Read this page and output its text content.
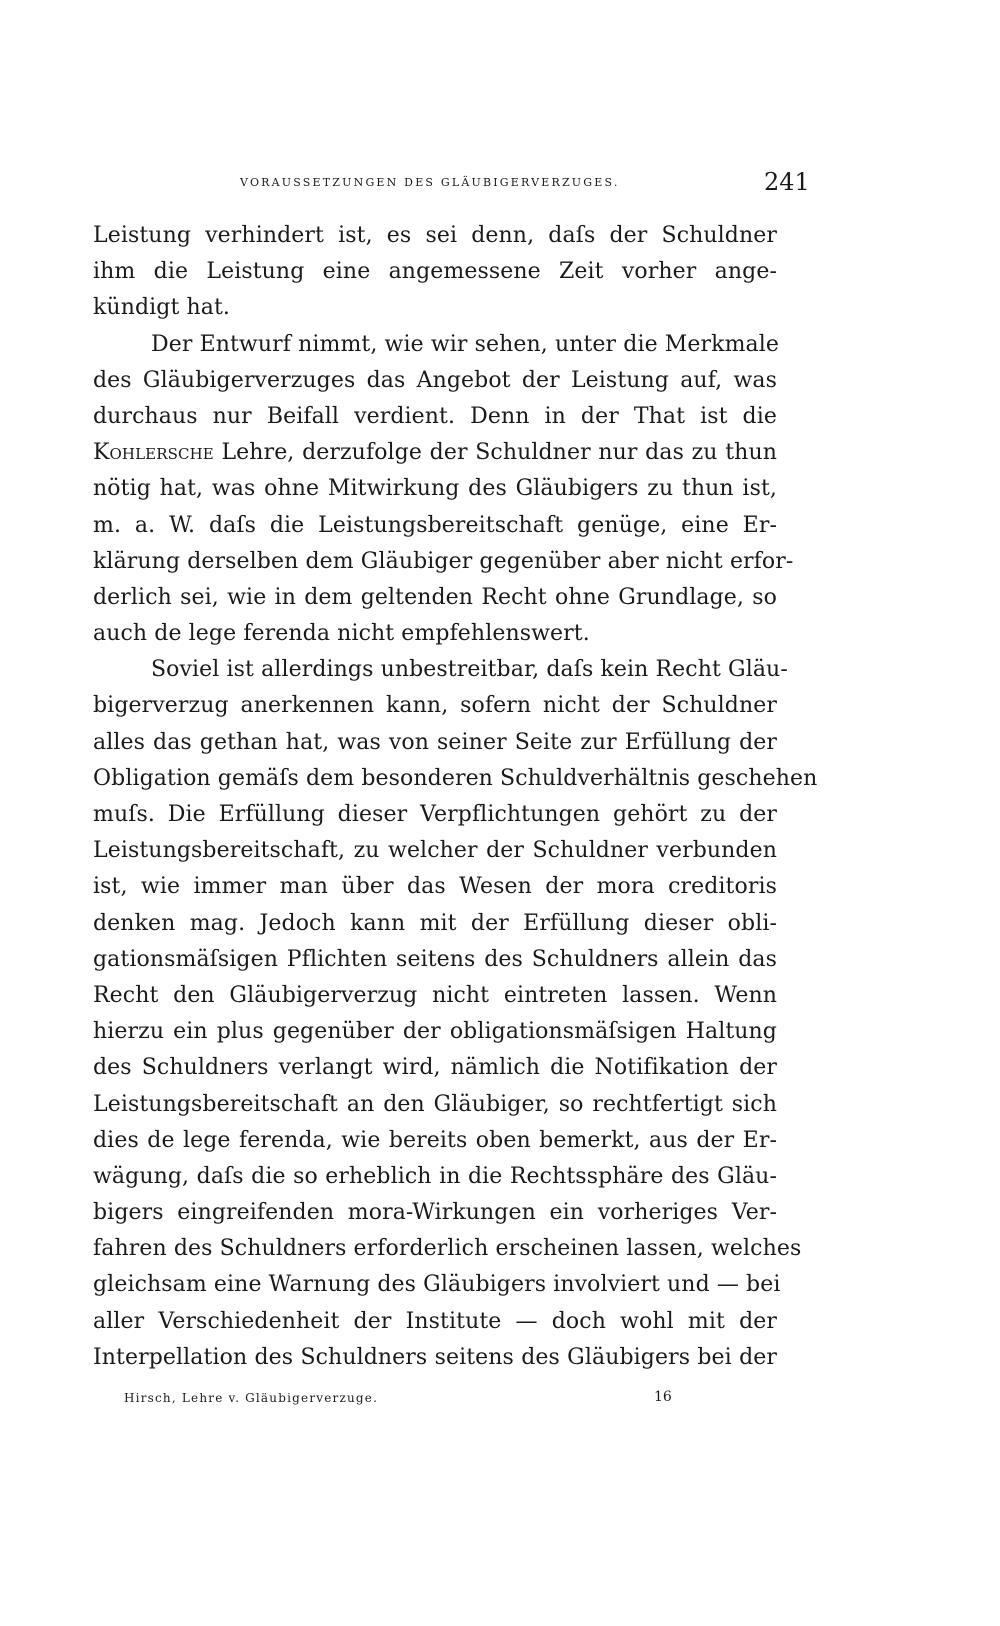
VORAUSSETZUNGEN DES GLÄUBIGERVERZUGES.	241
Leistung verhindert ist, es sei denn, daſs der Schuldner
ihm die Leistung eine angemessene Zeit vorher ange-
kündigt hat.
Der Entwurf nimmt, wie wir sehen, unter die Merkmale
des Gläubigerverzuges das Angebot der Leistung auf, was
durchaus nur Beifall verdient. Denn in der That ist die
Kohlersche Lehre, derzufolge der Schuldner nur das zu thun
nötig hat, was ohne Mitwirkung des Gläubigers zu thun ist,
m. a. W. daſs die Leistungsbereitschaft genüge, eine Er-
klärung derselben dem Gläubiger gegenüber aber nicht erfor-
derlich sei, wie in dem geltenden Recht ohne Grundlage, so
auch de lege ferenda nicht empfehlenswert.
Soviel ist allerdings unbestreitbar, daſs kein Recht Gläu-
bigerverzug anerkennen kann, sofern nicht der Schuldner
alles das gethan hat, was von seiner Seite zur Erfüllung der
Obligation gemäſs dem besonderen Schuldverhältnis geschehen
muſs. Die Erfüllung dieser Verpflichtungen gehört zu der
Leistungsbereitschaft, zu welcher der Schuldner verbunden
ist, wie immer man über das Wesen der mora creditoris
denken mag. Jedoch kann mit der Erfüllung dieser obli-
gationsmäſsigen Pflichten seitens des Schuldners allein das
Recht den Gläubigerverzug nicht eintreten lassen. Wenn
hierzu ein plus gegenüber der obligationsmäſsigen Haltung
des Schuldners verlangt wird, nämlich die Notifikation der
Leistungsbereitschaft an den Gläubiger, so rechtfertigt sich
dies de lege ferenda, wie bereits oben bemerkt, aus der Er-
wägung, daſs die so erheblich in die Rechtssphäre des Gläu-
bigers eingreifenden mora-Wirkungen ein vorheriges Ver-
fahren des Schuldners erforderlich erscheinen lassen, welches
gleichsam eine Warnung des Gläubigers involviert und — bei
aller Verschiedenheit der Institute — doch wohl mit der
Interpellation des Schuldners seitens des Gläubigers bei der
Hirsch, Lehre v. Gläubigerverzuge.	16
